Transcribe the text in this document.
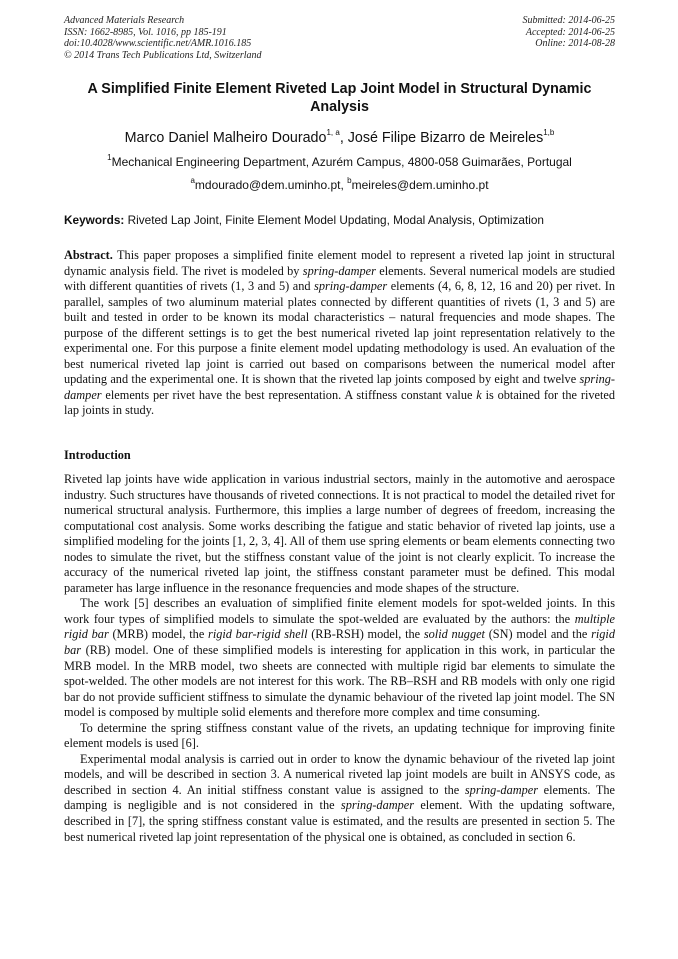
Advanced Materials Research
ISSN: 1662-8985, Vol. 1016, pp 185-191
doi:10.4028/www.scientific.net/AMR.1016.185
© 2014 Trans Tech Publications Ltd, Switzerland
Submitted: 2014-06-25
Accepted: 2014-06-25
Online: 2014-08-28
A Simplified Finite Element Riveted Lap Joint Model in Structural Dynamic Analysis
Marco Daniel Malheiro Dourado$^{1, a}$, José Filipe Bizarro de Meireles$^{1,b}$
$^1$Mechanical Engineering Department, Azurém Campus, 4800-058 Guimarães, Portugal
$^a$mdourado@dem.uminho.pt, $^b$meireles@dem.uminho.pt
Keywords: Riveted Lap Joint, Finite Element Model Updating, Modal Analysis, Optimization

Abstract. This paper proposes a simplified finite element model to represent a riveted lap joint in structural dynamic analysis field. The rivet is modeled by spring-damper elements. Several numerical models are studied with different quantities of rivets (1, 3 and 5) and spring-damper elements (4, 6, 8, 12, 16 and 20) per rivet. In parallel, samples of two aluminum material plates connected by different quantities of rivets (1, 3 and 5) are built and tested in order to be known its modal characteristics – natural frequencies and mode shapes. The purpose of the different settings is to get the best numerical riveted lap joint representation relatively to the experimental one. For this purpose a finite element model updating methodology is used. An evaluation of the best numerical riveted lap joint is carried out based on comparisons between the numerical model after updating and the experimental one. It is shown that the riveted lap joints composed by eight and twelve spring-damper elements per rivet have the best representation. A stiffness constant value k is obtained for the riveted lap joints in study.

Introduction

Riveted lap joints have wide application in various industrial sectors, mainly in the automotive and aerospace industry. Such structures have thousands of riveted connections. It is not practical to model the detailed rivet for numerical structural analysis. Furthermore, this implies a large number of degrees of freedom, increasing the computational cost analysis. Some works describing the fatigue and static behavior of riveted lap joints, use a simplified modeling for the joints [1, 2, 3, 4]. All of them use spring elements or beam elements connecting two nodes to simulate the rivet, but the stiffness constant value of the joint is not clearly explicit. To increase the accuracy of the numerical riveted lap joint, the stiffness constant parameter must be defined. This modal parameter has large influence in the resonance frequencies and mode shapes of the structure.

The work [5] describes an evaluation of simplified finite element models for spot-welded joints. In this work four types of simplified models to simulate the spot-welded are evaluated by the authors: the multiple rigid bar (MRB) model, the rigid bar-rigid shell (RB-RSH) model, the solid nugget (SN) model and the rigid bar (RB) model. One of these simplified models is interesting for application in this work, in particular the MRB model. In the MRB model, two sheets are connected with multiple rigid bar elements to simulate the spot-welded. The other models are not interest for this work. The RB–RSH and RB models with only one rigid bar do not provide sufficient stiffness to simulate the dynamic behaviour of the riveted lap joint model. The SN model is composed by multiple solid elements and therefore more complex and time consuming.

To determine the spring stiffness constant value of the rivets, an updating technique for improving finite element models is used [6].

Experimental modal analysis is carried out in order to know the dynamic behaviour of the riveted lap joint models, and will be described in section 3. A numerical riveted lap joint models are built in ANSYS code, as described in section 4. An initial stiffness constant value is assigned to the spring-damper elements. The damping is negligible and is not considered in the spring-damper element. With the updating software, described in [7], the spring stiffness constant value is estimated, and the results are presented in section 5. The best numerical riveted lap joint representation of the physical one is obtained, as concluded in section 6.
